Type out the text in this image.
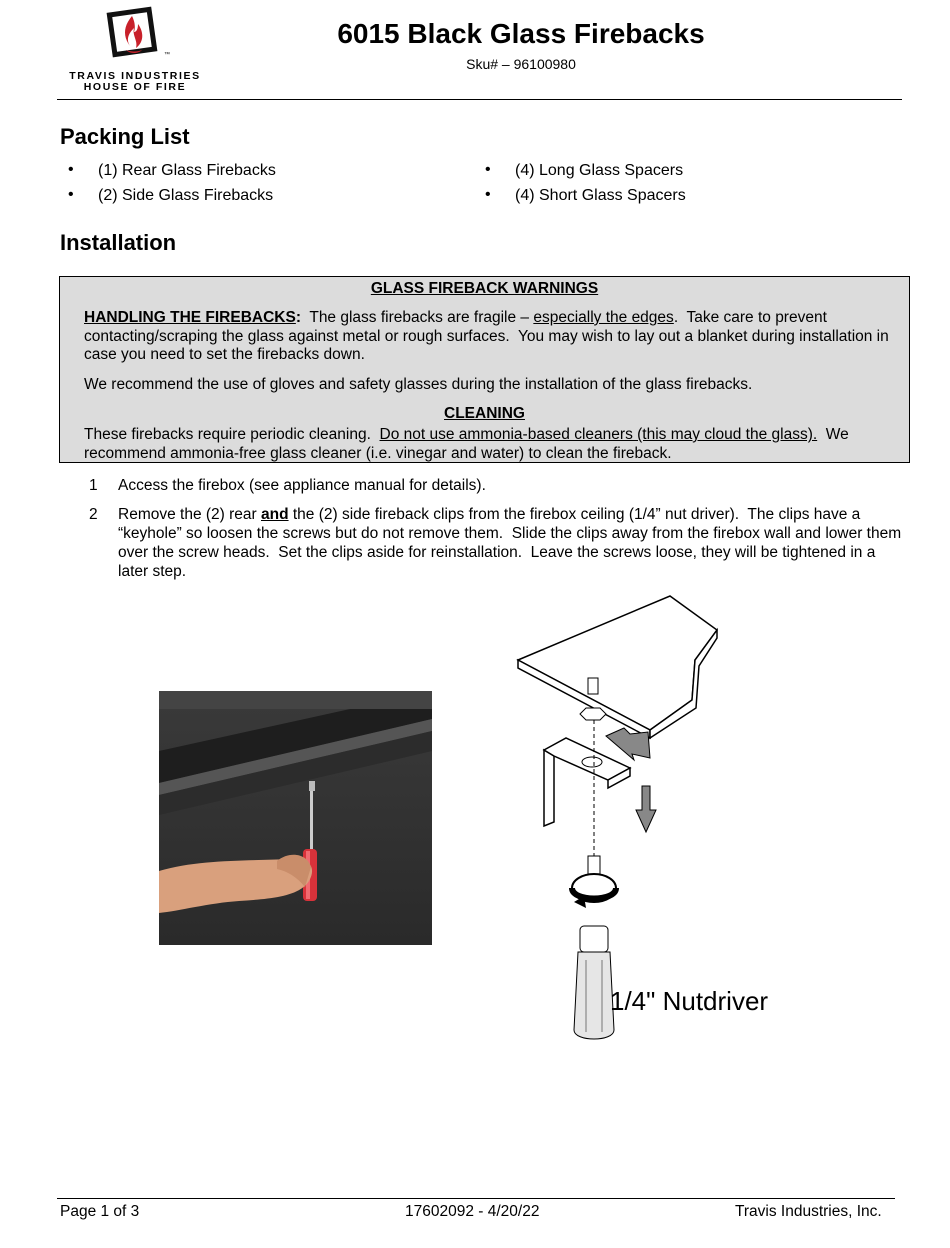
™
TRAVIS INDUSTRIES
HOUSE OF FIRE
6015 Black Glass Firebacks
Sku# – 96100980
Packing List
• (1) Rear Glass Firebacks
• (2) Side Glass Firebacks
• (4) Long Glass Spacers
• (4) Short Glass Spacers
Installation
GLASS FIREBACK WARNINGS

HANDLING THE FIREBACKS:  The glass firebacks are fragile – especially the edges.  Take care to prevent contacting/scraping the glass against metal or rough surfaces.  You may wish to lay out a blanket during installation in case you need to set the firebacks down.

We recommend the use of gloves and safety glasses during the installation of the glass firebacks.

CLEANING

These firebacks require periodic cleaning.  Do not use ammonia-based cleaners (this may cloud the glass).  We recommend ammonia-free glass cleaner (i.e. vinegar and water) to clean the fireback.

1 Access the firebox (see appliance manual for details).
2 Remove the (2) rear and the (2) side fireback clips from the firebox ceiling (1/4” nut driver).  The clips have a “keyhole” so loosen the screws but do not remove them.  Slide the clips away from the firebox wall and lower them over the screw heads.  Set the clips aside for reinstallation.  Leave the screws loose, they will be tightened in a later step.
1/4" Nutdriver
Page 1 of 3	17602092 - 4/20/22	Travis Industries, Inc.
